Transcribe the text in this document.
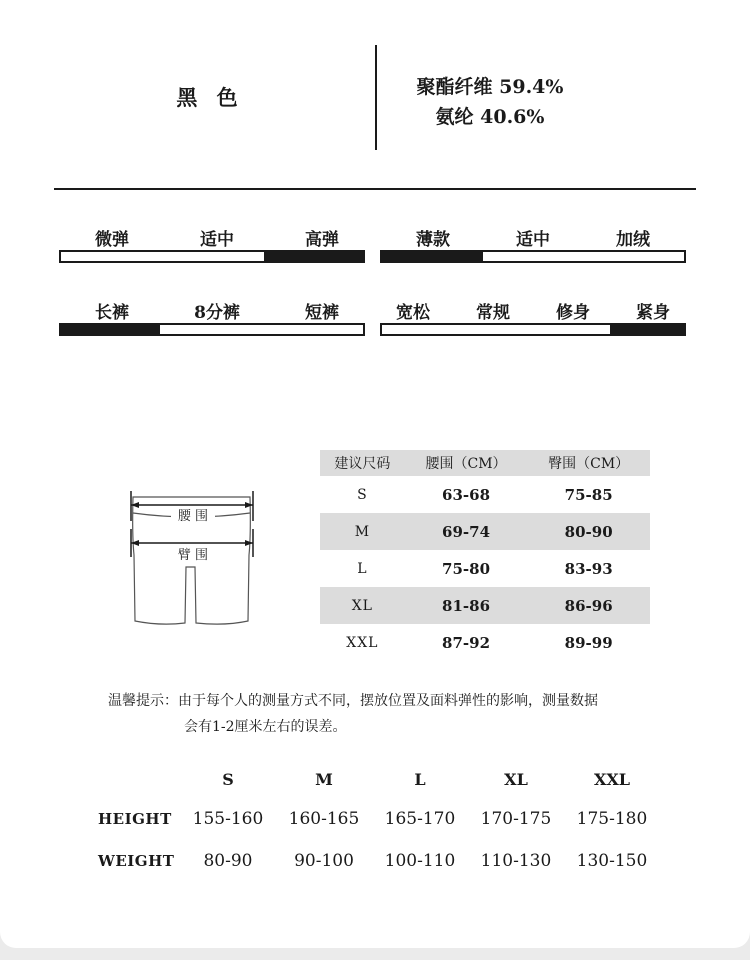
黑 色	聚酯纤维 59.4%
氨纶 40.6%
微弹	适中	高弹	薄款	适中	加绒
长裤	8分裤	短裤	宽松	常规	修身	紧身
腰 围
臂 围
建议尺码	腰围（CM）	臀围（CM）
S	63-68	75-85
M	69-74	80-90
L	75-80	83-93
XL	81-86	86-96
XXL	87-92	89-99
温馨提示：由于每个人的测量方式不同，摆放位置及面料弹性的影响，测量数据
会有1-2厘米左右的误差。
	S	M	L	XL	XXL
HEIGHT	155-160	160-165	165-170	170-175	175-180
WEIGHT	80-90	90-100	100-110	110-130	130-150
